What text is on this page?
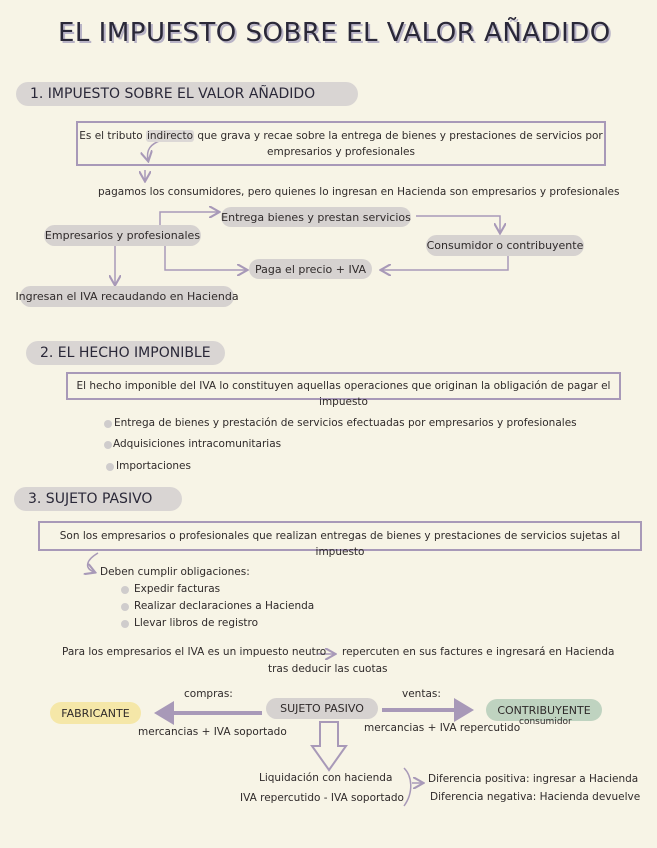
EL IMPUESTO SOBRE EL VALOR AÑADIDO
1. IMPUESTO SOBRE EL VALOR AÑADIDO
Es el tributo indirecto que grava y recae sobre la entrega de bienes y prestaciones de servicios por empresarios y profesionales
pagamos los consumidores, pero quienes lo ingresan en Hacienda son empresarios y profesionales
Empresarios y profesionales
Entrega bienes y prestan servicios
Consumidor o contribuyente
Paga el precio + IVA
Ingresan el IVA recaudando en Hacienda
2. EL HECHO IMPONIBLE
El hecho imponible del IVA lo constituyen aquellas operaciones que originan la obligación de pagar el impuesto
Entrega de bienes y prestación de servicios efectuadas por empresarios y profesionales
Adquisiciones intracomunitarias
Importaciones
3. SUJETO PASIVO
Son los empresarios o profesionales que realizan entregas de bienes y prestaciones de servicios sujetas al impuesto
Deben cumplir obligaciones:
Expedir facturas
Realizar declaraciones a Hacienda
Llevar libros de registro
Para los empresarios el IVA es un impuesto neutro repercuten en sus factures e ingresará en Hacienda
tras deducir las cuotas
compras:	ventas:
FABRICANTE	SUJETO PASIVO	CONTRIBUYENTE
consumidor
mercancias + IVA soportado	mercancias + IVA repercutido
Liquidación con hacienda
IVA repercutido - IVA soportado
Diferencia positiva: ingresar a Hacienda
Diferencia negativa: Hacienda devuelve
